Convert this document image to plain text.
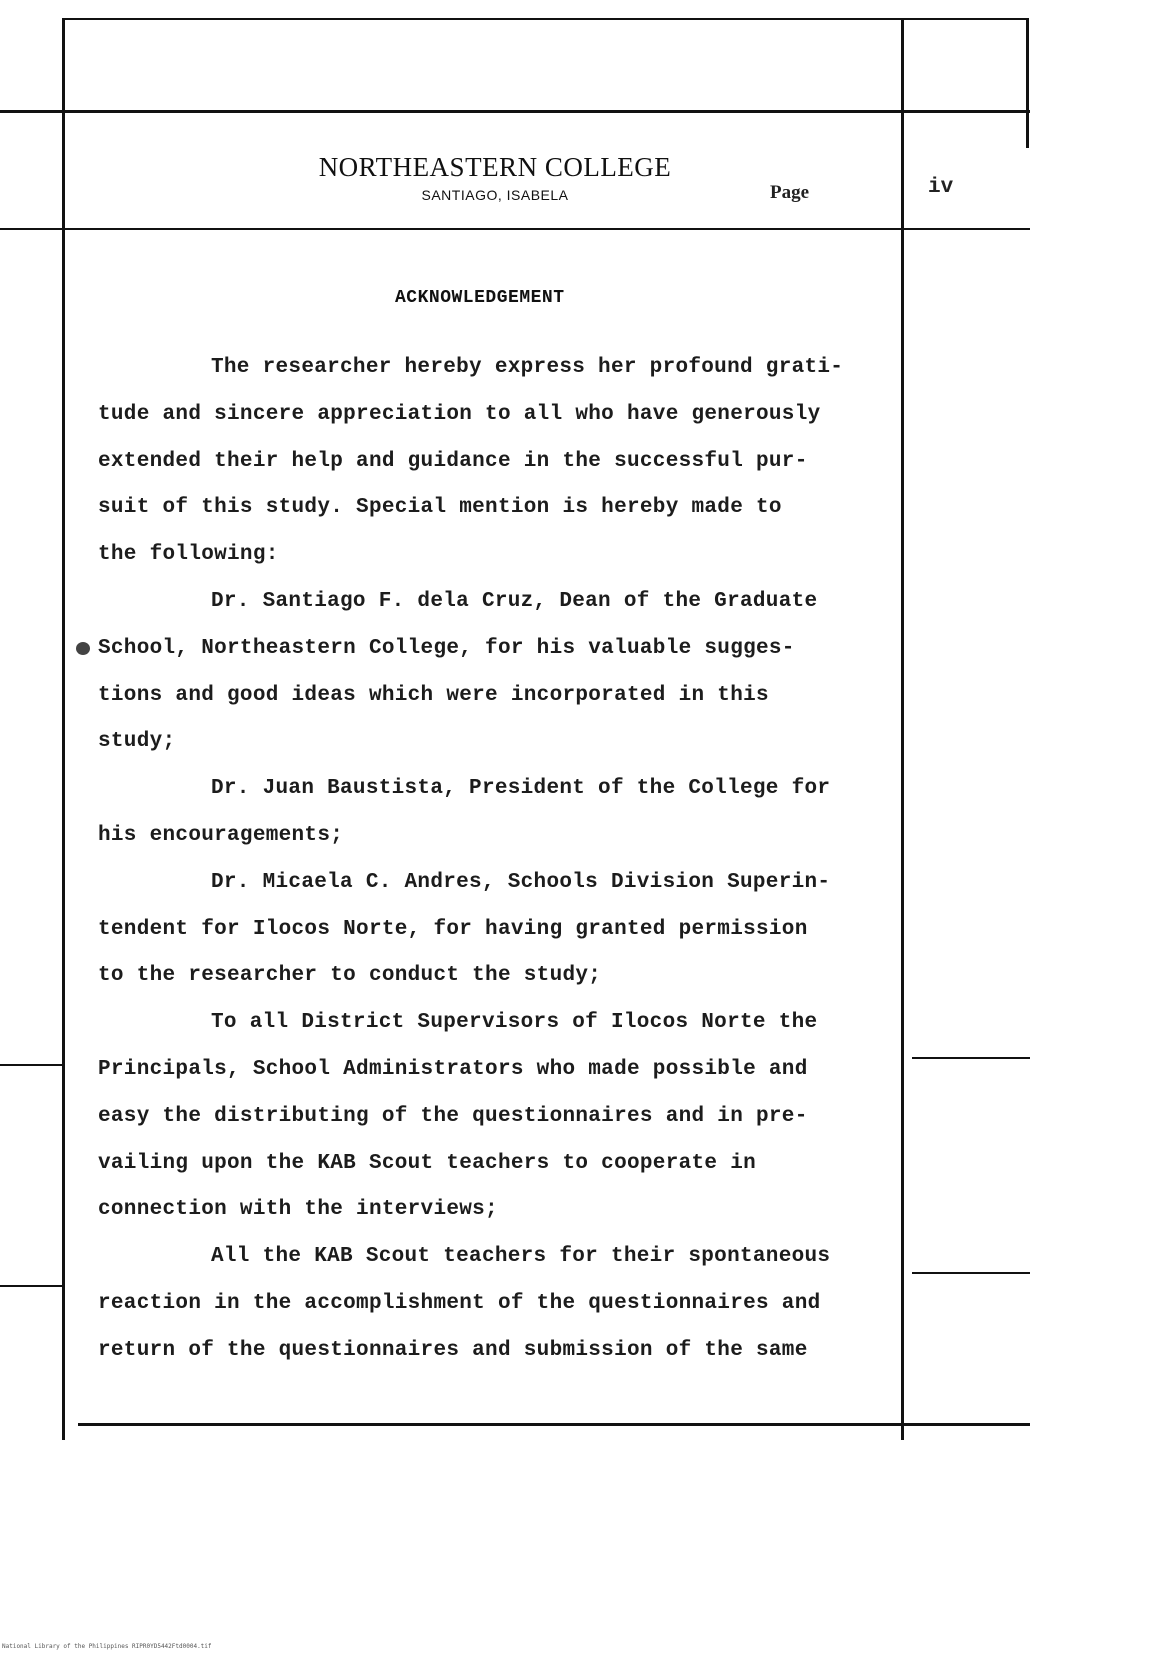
NORTHEASTERN COLLEGE
SANTIAGO, ISABELA	Page	iv
ACKNOWLEDGEMENT
The researcher hereby express her profound grati-
tude and sincere appreciation to all who have generously
extended their help and guidance in the successful pur-
suit of this study. Special mention is hereby made to
the following:
Dr. Santiago F. dela Cruz, Dean of the Graduate
School, Northeastern College, for his valuable sugges-
tions and good ideas which were incorporated in this
study;
Dr. Juan Baustista, President of the College for
his encouragements;
Dr. Micaela C. Andres, Schools Division Superin-
tendent for Ilocos Norte, for having granted permission
to the researcher to conduct the study;
To all District Supervisors of Ilocos Norte the
Principals, School Administrators who made possible and
easy the distributing of the questionnaires and in pre-
vailing upon the KAB Scout teachers to cooperate in
connection with the interviews;
All the KAB Scout teachers for their spontaneous
reaction in the accomplishment of the questionnaires and
return of the questionnaires and submission of the same
National Library of the Philippines RIPR0YD5442Ftd0004.tif
